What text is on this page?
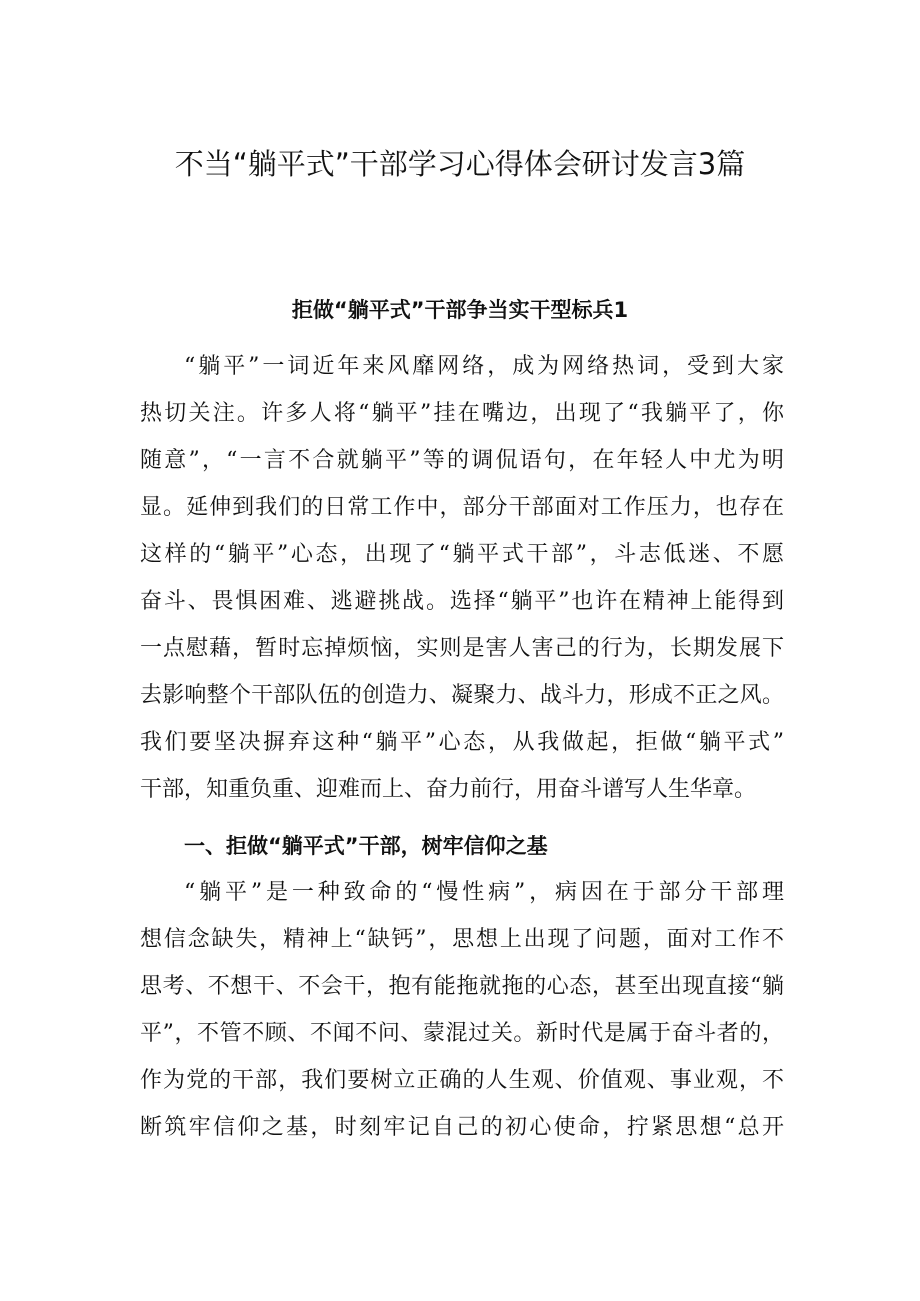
不当“躺平式”干部学习心得体会研讨发言3篇
拒做“躺平式”干部争当实干型标兵1
“躺平”一词近年来风靡网络，成为网络热词，受到大家
热切关注。许多人将“躺平”挂在嘴边，出现了“我躺平了，你
随意”，“一言不合就躺平”等的调侃语句，在年轻人中尤为明
显。延伸到我们的日常工作中，部分干部面对工作压力，也存在
这样的“躺平”心态，出现了“躺平式干部”，斗志低迷、不愿
奋斗、畏惧困难、逃避挑战。选择“躺平”也许在精神上能得到
一点慰藉，暂时忘掉烦恼，实则是害人害己的行为，长期发展下
去影响整个干部队伍的创造力、凝聚力、战斗力，形成不正之风。
我们要坚决摒弃这种“躺平”心态，从我做起，拒做“躺平式”
干部，知重负重、迎难而上、奋力前行，用奋斗谱写人生华章。
一、拒做“躺平式”干部，树牢信仰之基
“躺平”是一种致命的“慢性病”，病因在于部分干部理
想信念缺失，精神上“缺钙”，思想上出现了问题，面对工作不
思考、不想干、不会干，抱有能拖就拖的心态，甚至出现直接“躺
平”，不管不顾、不闻不问、蒙混过关。新时代是属于奋斗者的，
作为党的干部，我们要树立正确的人生观、价值观、事业观，不
断筑牢信仰之基，时刻牢记自己的初心使命，拧紧思想“总开
